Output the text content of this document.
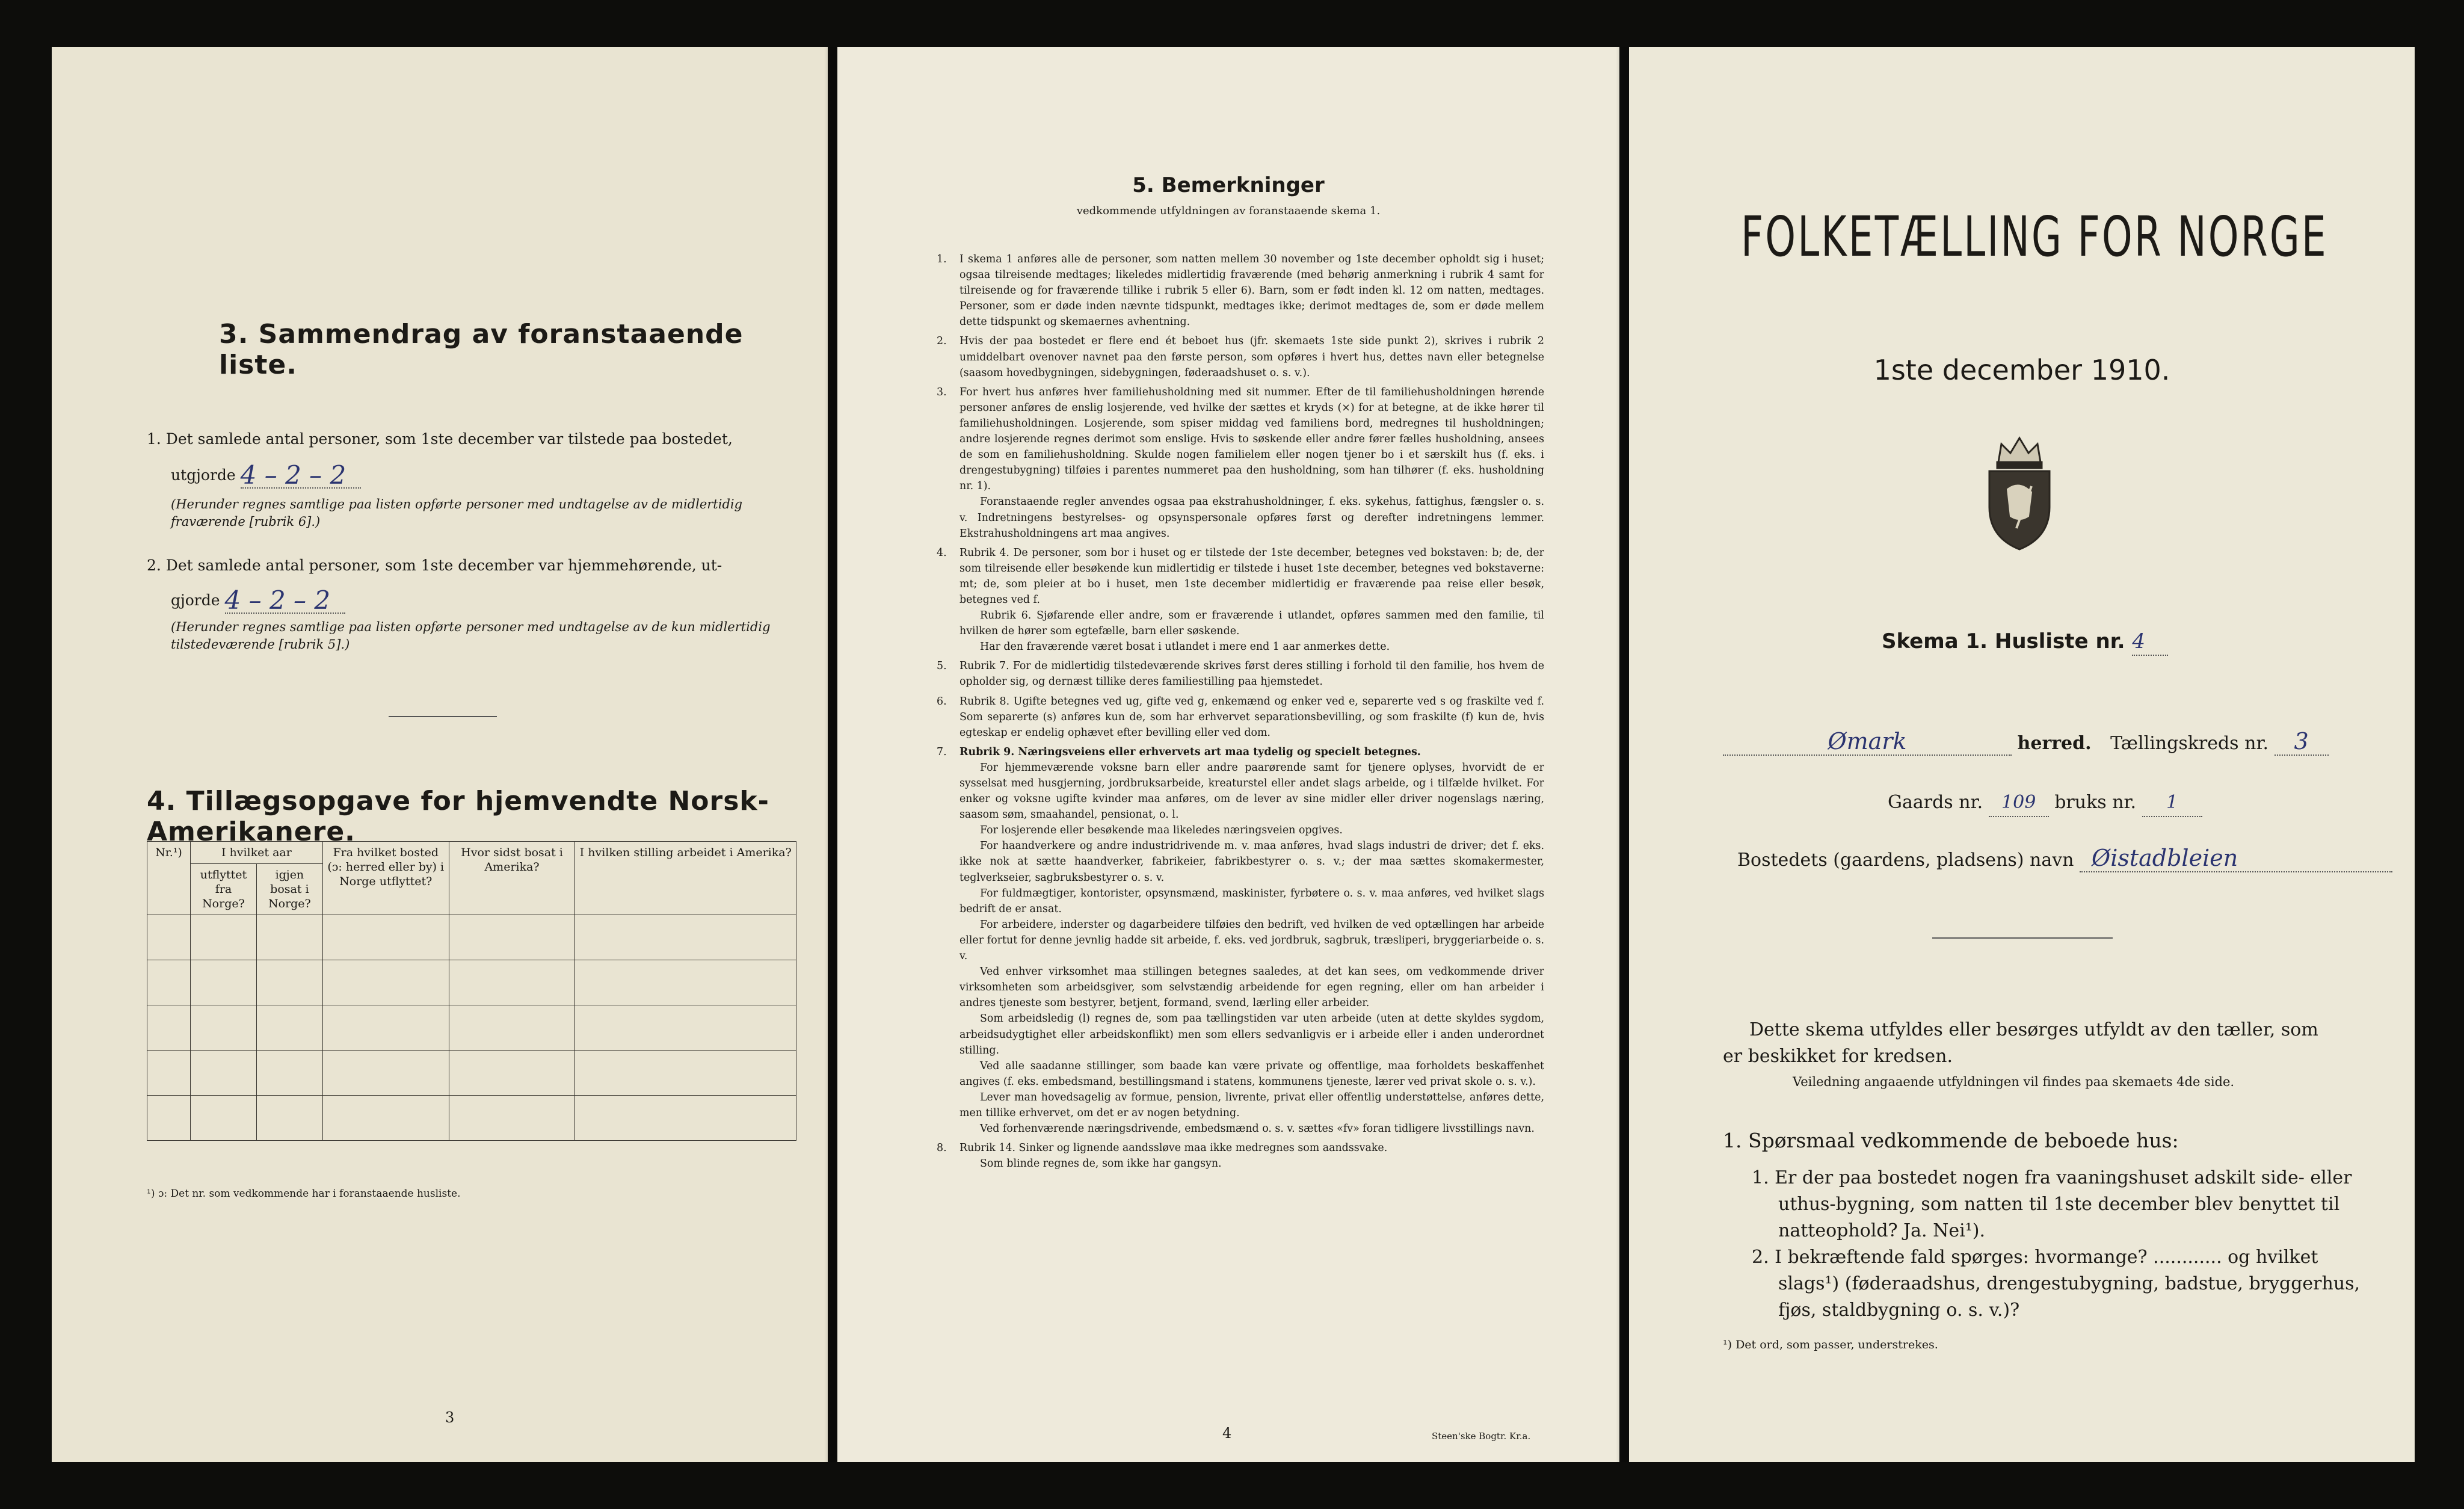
3. Sammendrag av foranstaaende liste.
1. Det samlede antal personer, som 1ste december var tilstede paa bostedet,
utgjorde 4 – 2 – 2
(Herunder regnes samtlige paa listen opførte personer med undtagelse av de midlertidig fraværende [rubrik 6].)
2. Det samlede antal personer, som 1ste december var hjemmehørende, ut-
gjorde 4 – 2 – 2
(Herunder regnes samtlige paa listen opførte personer med undtagelse av de kun midlertidig tilstedeværende [rubrik 5].)
4. Tillægsopgave for hjemvendte Norsk-Amerikanere.
Nr.¹)	I hvilket aar		Fra hvilket bosted (ɔ: herred eller by) i Norge utflyttet?	Hvor sidst bosat i Amerika?	I hvilken stilling arbeidet i Amerika?
	utflyttet fra Norge?	igjen bosat i Norge?			

¹) ɔ: Det nr. som vedkommende har i foranstaaende husliste.
3
5. Bemerkninger
vedkommende utfyldningen av foranstaaende skema 1.
1.	I skema 1 anføres alle de personer, som natten mellem 30 november og 1ste december opholdt sig i huset; ogsaa tilreisende medtages; likeledes midlertidig fraværende (med behørig anmerkning i rubrik 4 samt for tilreisende og for fraværende tillike i rubrik 5 eller 6). Barn, som er født inden kl. 12 om natten, medtages. Personer, som er døde inden nævnte tidspunkt, medtages ikke; derimot medtages de, som er døde mellem dette tidspunkt og skemaernes avhentning.
2.	Hvis der paa bostedet er flere end ét beboet hus (jfr. skemaets 1ste side punkt 2), skrives i rubrik 2 umiddelbart ovenover navnet paa den første person, som opføres i hvert hus, dettes navn eller betegnelse (saasom hovedbygningen, sidebygningen, føderaadshuset o. s. v.).
3.	For hvert hus anføres hver familiehusholdning med sit nummer. Efter de til familiehusholdningen hørende personer anføres de enslig losjerende, ved hvilke der sættes et kryds (×) for at betegne, at de ikke hører til familiehusholdningen. Losjerende, som spiser middag ved familiens bord, medregnes til husholdningen; andre losjerende regnes derimot som enslige. Hvis to søskende eller andre fører fælles husholdning, ansees de som en familiehusholdning. Skulde nogen familielem eller nogen tjener bo i et særskilt hus (f. eks. i drengestubygning) tilføies i parentes nummeret paa den husholdning, som han tilhører (f. eks. husholdning nr. 1).
Foranstaaende regler anvendes ogsaa paa ekstrahusholdninger, f. eks. sykehus, fattighus, fængsler o. s. v. Indretningens bestyrelses- og opsynspersonale opføres først og derefter indretningens lemmer. Ekstrahusholdningens art maa angives.
4.	Rubrik 4. De personer, som bor i huset og er tilstede der 1ste december, betegnes ved bokstaven: b; de, der som tilreisende eller besøkende kun midlertidig er tilstede i huset 1ste december, betegnes ved bokstaverne: mt; de, som pleier at bo i huset, men 1ste december midlertidig er fraværende paa reise eller besøk, betegnes ved f.
Rubrik 6. Sjøfarende eller andre, som er fraværende i utlandet, opføres sammen med den familie, til hvilken de hører som egtefælle, barn eller søskende.
Har den fraværende været bosat i utlandet i mere end 1 aar anmerkes dette.
5.	Rubrik 7. For de midlertidig tilstedeværende skrives først deres stilling i forhold til den familie, hos hvem de opholder sig, og dernæst tillike deres familiestilling paa hjemstedet.
6.	Rubrik 8. Ugifte betegnes ved ug, gifte ved g, enkemænd og enker ved e, separerte ved s og fraskilte ved f. Som separerte (s) anføres kun de, som har erhvervet separationsbevilling, og som fraskilte (f) kun de, hvis egteskap er endelig ophævet efter bevilling eller ved dom.
7.	Rubrik 9. Næringsveiens eller erhvervets art maa tydelig og specielt betegnes.
For hjemmeværende voksne barn eller andre paarørende samt for tjenere oplyses, hvorvidt de er sysselsat med husgjerning, jordbruksarbeide, kreaturstel eller andet slags arbeide, og i tilfælde hvilket. For enker og voksne ugifte kvinder maa anføres, om de lever av sine midler eller driver nogenslags næring, saasom søm, smaahandel, pensionat, o. l.
For losjerende eller besøkende maa likeledes næringsveien opgives.
For haandverkere og andre industridrivende m. v. maa anføres, hvad slags industri de driver; det f. eks. ikke nok at sætte haandverker, fabrikeier, fabrikbestyrer o. s. v.; der maa sættes skomakermester, teglverkseier, sagbruksbestyrer o. s. v.
For fuldmægtiger, kontorister, opsynsmænd, maskinister, fyrbøtere o. s. v. maa anføres, ved hvilket slags bedrift de er ansat.
For arbeidere, inderster og dagarbeidere tilføies den bedrift, ved hvilken de ved optællingen har arbeide eller fortut for denne jevnlig hadde sit arbeide, f. eks. ved jordbruk, sagbruk, træsliperi, bryggeriarbeide o. s. v.
Ved enhver virksomhet maa stillingen betegnes saaledes, at det kan sees, om vedkommende driver virksomheten som arbeidsgiver, som selvstændig arbeidende for egen regning, eller om han arbeider i andres tjeneste som bestyrer, betjent, formand, svend, lærling eller arbeider.
Som arbeidsledig (l) regnes de, som paa tællingstiden var uten arbeide (uten at dette skyldes sygdom, arbeidsudygtighet eller arbeidskonflikt) men som ellers sedvanligvis er i arbeide eller i anden underordnet stilling.
Ved alle saadanne stillinger, som baade kan være private og offentlige, maa forholdets beskaffenhet angives (f. eks. embedsmand, bestillingsmand i statens, kommunens tjeneste, lærer ved privat skole o. s. v.).
Lever man hovedsagelig av formue, pension, livrente, privat eller offentlig understøttelse, anføres dette, men tillike erhvervet, om det er av nogen betydning.
Ved forhenværende næringsdrivende, embedsmænd o. s. v. sættes «fv» foran tidligere livsstillings navn.
8.	Rubrik 14. Sinker og lignende aandssløve maa ikke medregnes som aandssvake.
Som blinde regnes de, som ikke har gangsyn.
4	Steen'ske Bogtr. Kr.a.
FOLKETÆLLING FOR NORGE
1ste december 1910.
Skema 1. Husliste nr. 4
Ømark	herred. Tællingskreds nr. 3
Gaards nr. 109 bruks nr. 1
Bostedets (gaardens, pladsens) navn Øistadbleien
Dette skema utfyldes eller besørges utfyldt av den tæller, som er beskikket for kredsen.
Veiledning angaaende utfyldningen vil findes paa skemaets 4de side.
1. Spørsmaal vedkommende de beboede hus:
1. Er der paa bostedet nogen fra vaaningshuset adskilt side- eller uthus-bygning, som natten til 1ste december blev benyttet til natteophold? Ja. Nei¹).
2. I bekræftende fald spørges: hvormange? ............ og hvilket slags¹) (føderaadshus, drengestubygning, badstue, bryggerhus, fjøs, staldbygning o. s. v.)?
¹) Det ord, som passer, understrekes.
